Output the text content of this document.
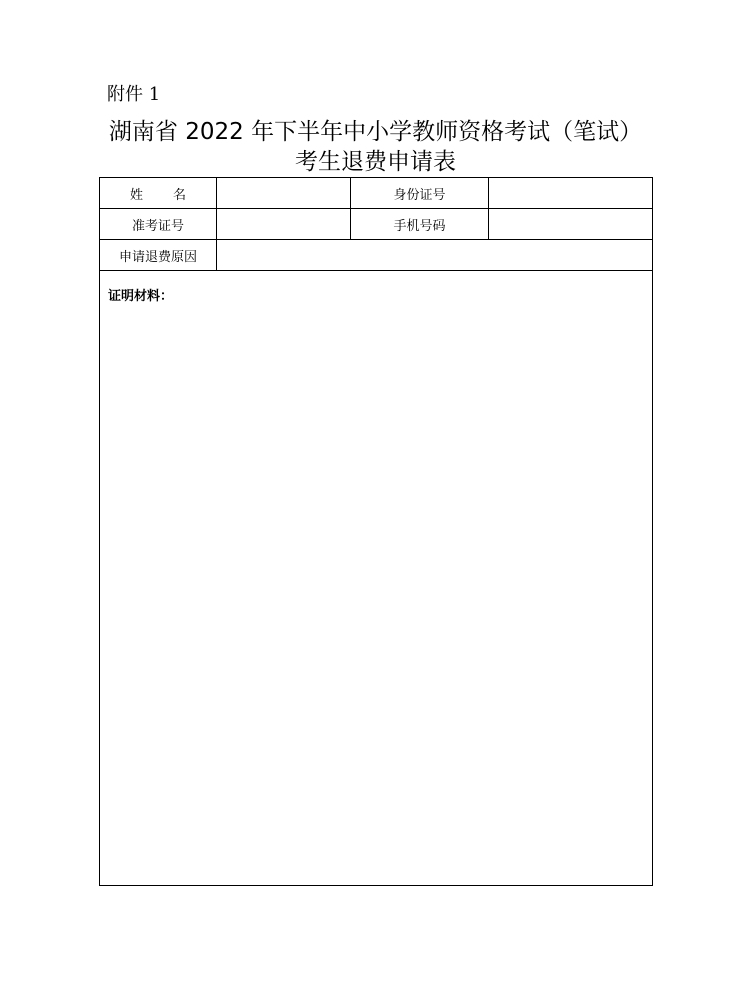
附件 1
湖南省 2022 年下半年中小学教师资格考试（笔试）
考生退费申请表
姓名		身份证号	
准考证号		手机号码	
申请退费原因			

证明材料：			
